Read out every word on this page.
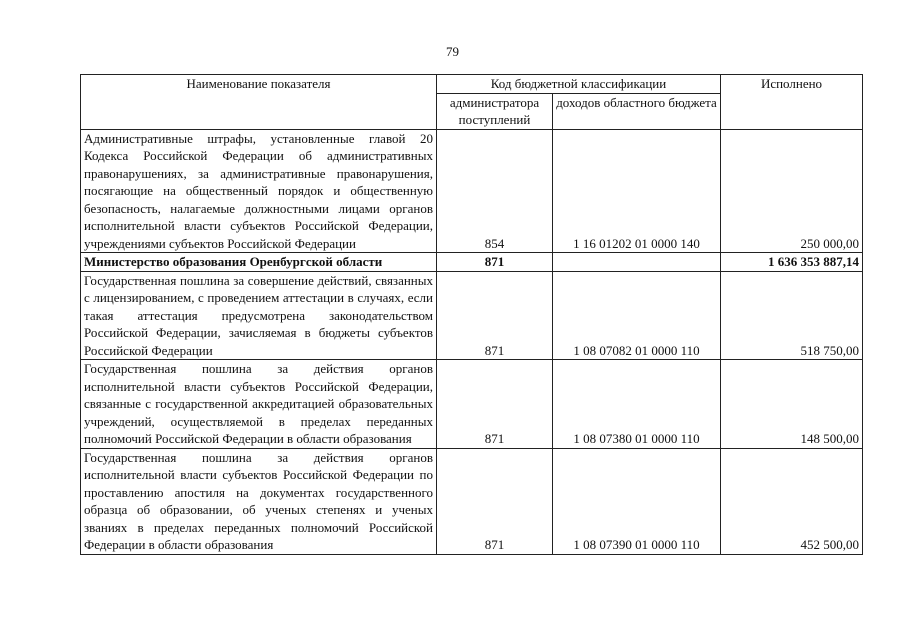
79
Наименование показателя	Код бюджетной классификации		Исполнено
	администратора поступлений	доходов областного бюджета	
Административные штрафы, установленные главой 20 Кодекса Российской Федерации об административных правонарушениях, за административные правонарушения, посягающие на общественный порядок и общественную безопасность, налагаемые должностными лицами органов исполнительной власти субъектов Российской Федерации, учреждениями субъектов Российской Федерации	854	1 16 01202 01 0000 140	250 000,00
Министерство образования Оренбургской области	871		1 636 353 887,14
Государственная пошлина за совершение действий, связанных с лицензированием, с проведением аттестации в случаях, если такая аттестация предусмотрена законодательством Российской Федерации, зачисляемая в бюджеты субъектов Российской Федерации	871	1 08 07082 01 0000 110	518 750,00
Государственная пошлина за действия органов исполнительной власти субъектов Российской Федерации, связанные с государственной аккредитацией образовательных учреждений, осуществляемой в пределах переданных полномочий Российской Федерации в области образования	871	1 08 07380 01 0000 110	148 500,00
Государственная пошлина за действия органов исполнительной власти субъектов Российской Федерации по проставлению апостиля на документах государственного образца об образовании, об ученых степенях и ученых званиях в пределах переданных полномочий Российской Федерации в области образования	871	1 08 07390 01 0000 110	452 500,00
